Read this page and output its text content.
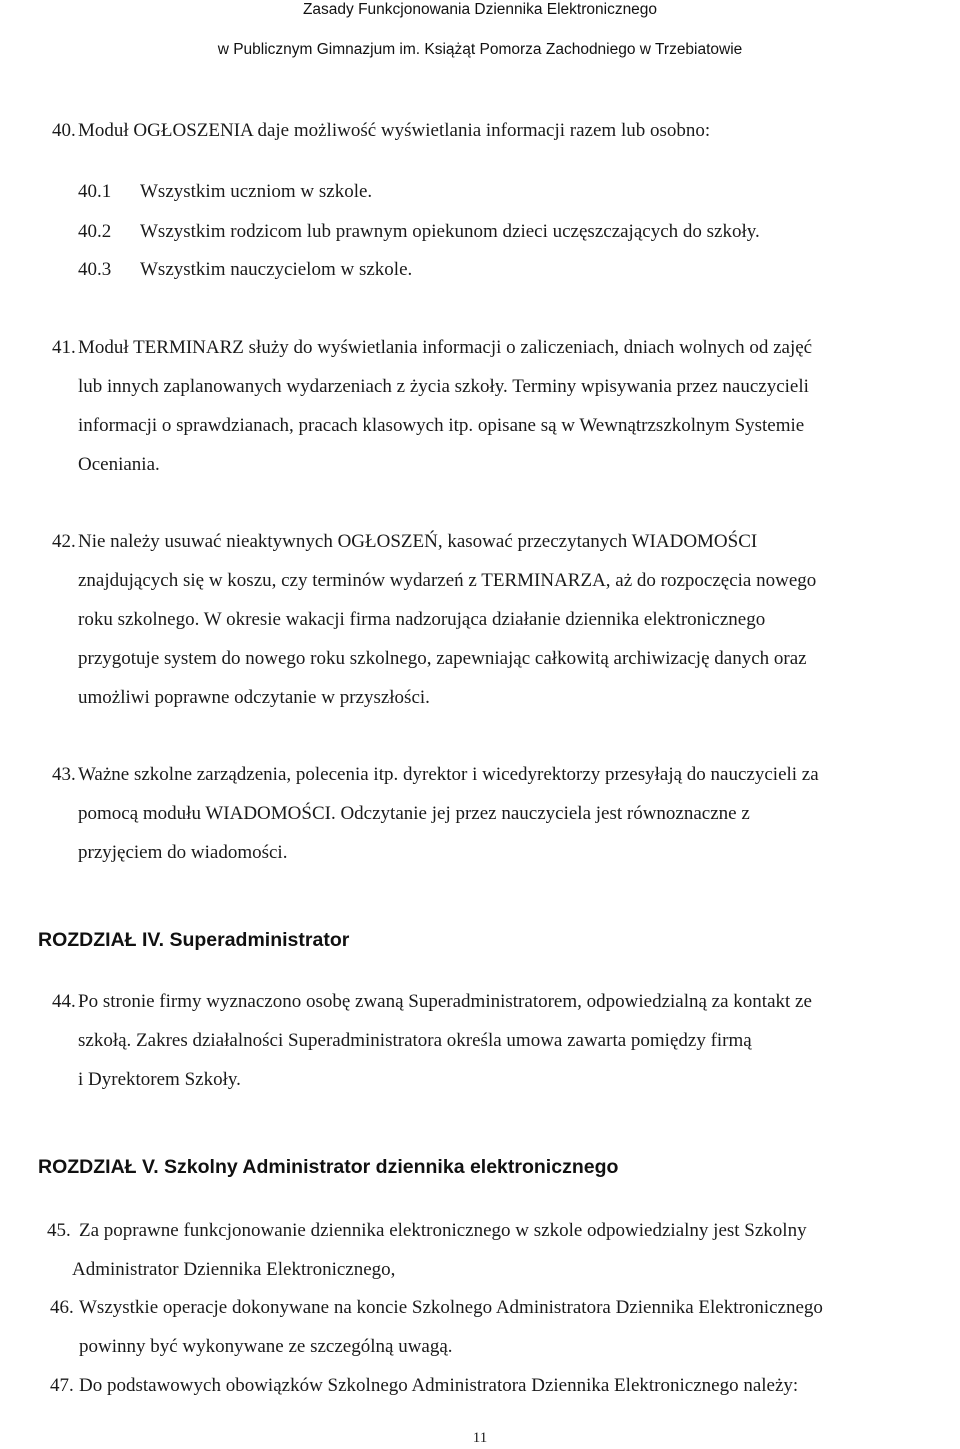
Zasady Funkcjonowania Dziennika Elektronicznego
w Publicznym Gimnazjum im. Książąt Pomorza Zachodniego w Trzebiatowie
40. Moduł OGŁOSZENIA daje możliwość wyświetlania informacji razem lub osobno:
40.1 Wszystkim uczniom w szkole.
40.2 Wszystkim rodzicom lub prawnym opiekunom dzieci uczęszczających do szkoły.
40.3 Wszystkim nauczycielom w szkole.
41. Moduł TERMINARZ służy do wyświetlania informacji o zaliczeniach, dniach wolnych od zajęć
lub innych zaplanowanych wydarzeniach z życia szkoły. Terminy wpisywania przez nauczycieli
informacji o sprawdzianach, pracach klasowych itp. opisane są w Wewnątrzszkolnym Systemie
Oceniania.
42. Nie należy usuwać nieaktywnych OGŁOSZEŃ, kasować przeczytanych WIADOMOŚCI
znajdujących się w koszu, czy terminów wydarzeń z TERMINARZA, aż do rozpoczęcia nowego
roku szkolnego. W okresie wakacji firma nadzorująca działanie dziennika elektronicznego
przygotuje system do nowego roku szkolnego, zapewniając całkowitą archiwizację danych oraz
umożliwi poprawne odczytanie w przyszłości.
43. Ważne szkolne zarządzenia, polecenia itp. dyrektor i wicedyrektorzy przesyłają do nauczycieli za
pomocą modułu WIADOMOŚCI. Odczytanie jej przez nauczyciela jest równoznaczne z
przyjęciem do wiadomości.
ROZDZIAŁ IV. Superadministrator
44. Po stronie firmy wyznaczono osobę zwaną Superadministratorem, odpowiedzialną za kontakt ze
szkołą. Zakres działalności Superadministratora określa umowa zawarta pomiędzy firmą
i Dyrektorem Szkoły.
ROZDZIAŁ V. Szkolny Administrator dziennika elektronicznego
45. Za poprawne funkcjonowanie dziennika elektronicznego w szkole odpowiedzialny jest Szkolny
Administrator Dziennika Elektronicznego,
46. Wszystkie operacje dokonywane na koncie Szkolnego Administratora Dziennika Elektronicznego
powinny być wykonywane ze szczególną uwagą.
47. Do podstawowych obowiązków Szkolnego Administratora Dziennika Elektronicznego należy:
11
